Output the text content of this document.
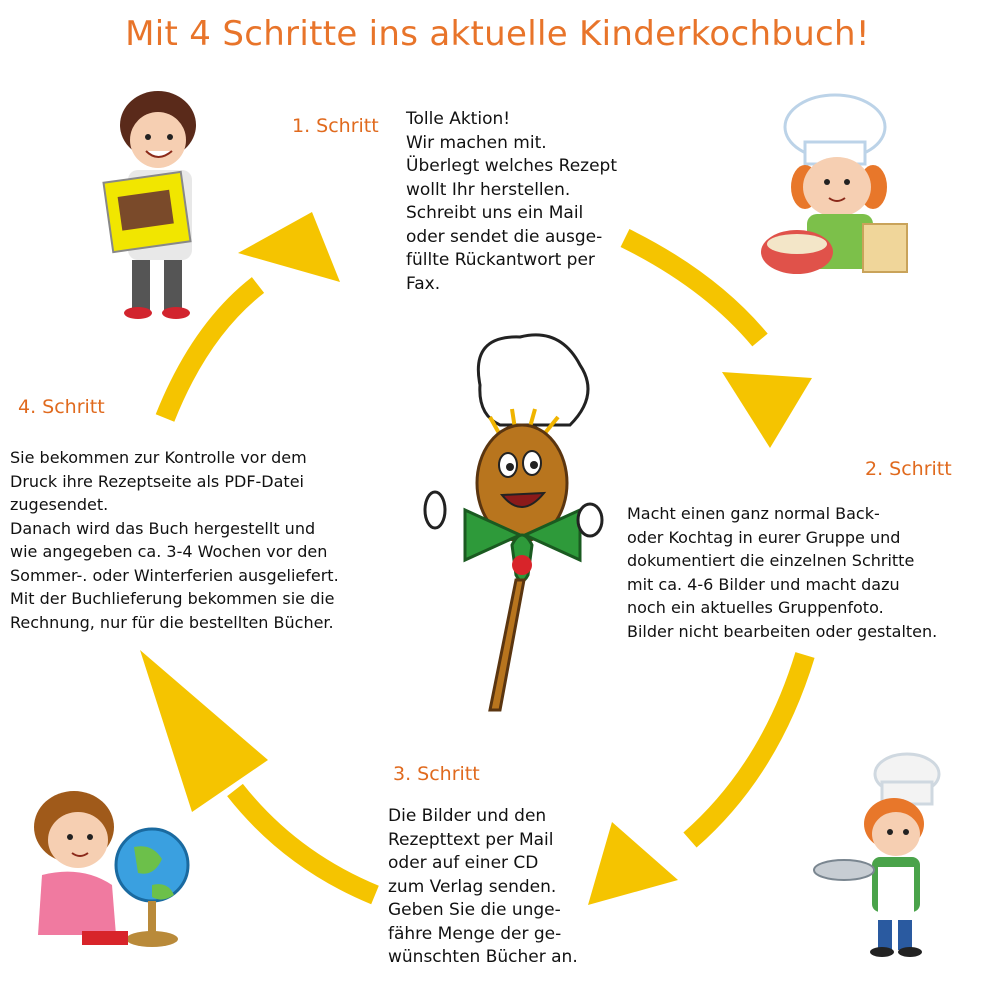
Mit 4 Schritte ins aktuelle Kinderkochbuch!
1. Schritt Tolle Aktion!
Wir machen mit.
Überlegt welches Rezept
wollt Ihr herstellen.
Schreibt uns ein Mail
oder sendet die ausge-
füllte Rückantwort per
Fax.
2. Schritt
Macht einen ganz normal Back-
oder Kochtag in eurer Gruppe und
dokumentiert die einzelnen Schritte
mit ca. 4-6 Bilder und macht dazu
noch ein aktuelles Gruppenfoto.
Bilder nicht bearbeiten oder gestalten.
3. Schritt
Die Bilder und den
Rezepttext per Mail
oder auf einer CD
zum Verlag senden.
Geben Sie die unge-
fähre Menge der ge-
wünschten Bücher an.
4. Schritt
Sie bekommen zur Kontrolle vor dem
Druck ihre Rezeptseite als PDF-Datei
zugesendet.
Danach wird das Buch hergestellt und
wie angegeben ca. 3-4 Wochen vor den
Sommer-. oder Winterferien ausgeliefert.
Mit der Buchlieferung bekommen sie die
Rechnung, nur für die bestellten Bücher.
